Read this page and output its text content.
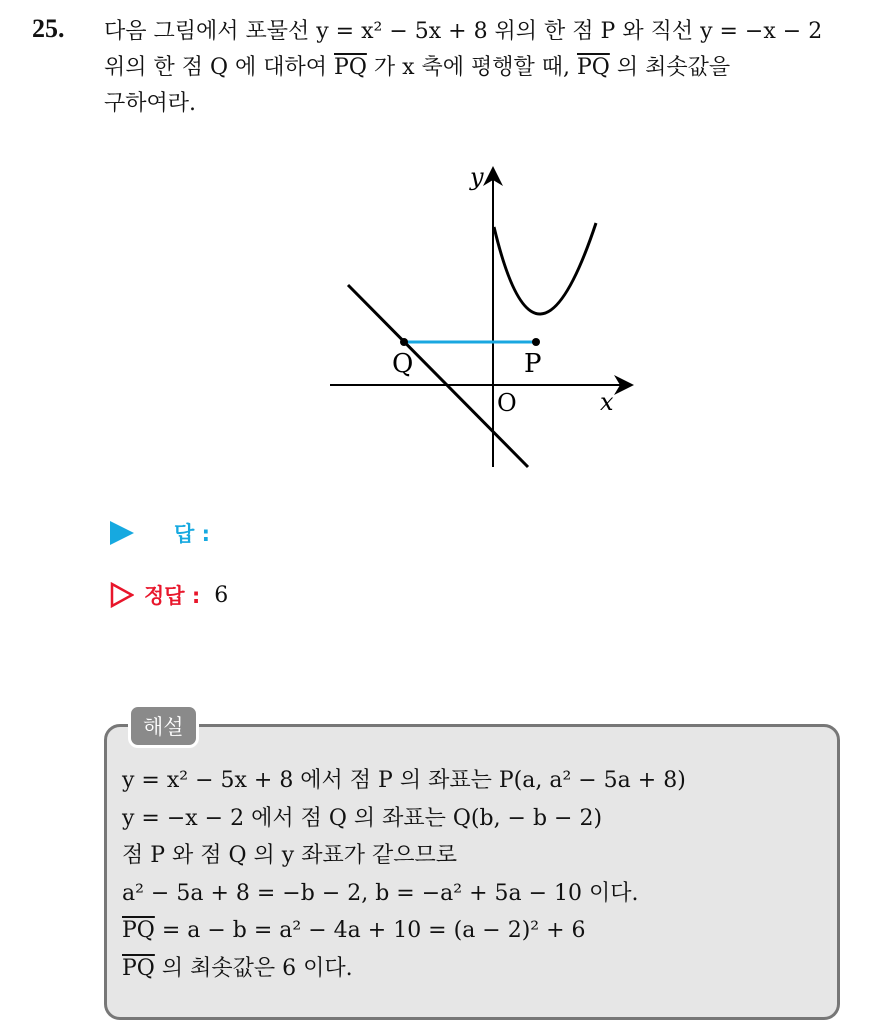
25. 다음 그림에서 포물선 y = x² − 5x + 8 위의 한 점 P 와 직선 y = −x − 2
위의 한 점 Q 에 대하여 $\overline{PQ}$ 가 x 축에 평행할 때, $\overline{PQ}$ 의 최솟값을
구하여라.
y
x
O
Q	P
답 :
정답 : 6
해설
y = x² − 5x + 8 에서 점 P 의 좌표는 P(a, a² − 5a + 8)
y = −x − 2 에서 점 Q 의 좌표는 Q(b, − b − 2)
점 P 와 점 Q 의 y 좌표가 같으므로
a² − 5a + 8 = −b − 2, b = −a² + 5a − 10 이다.
$\overline{PQ} = a - b = a^2 - 4a + 10 = (a - 2)^2 + 6$
$\overline{PQ}$ 의 최솟값은 6 이다.
